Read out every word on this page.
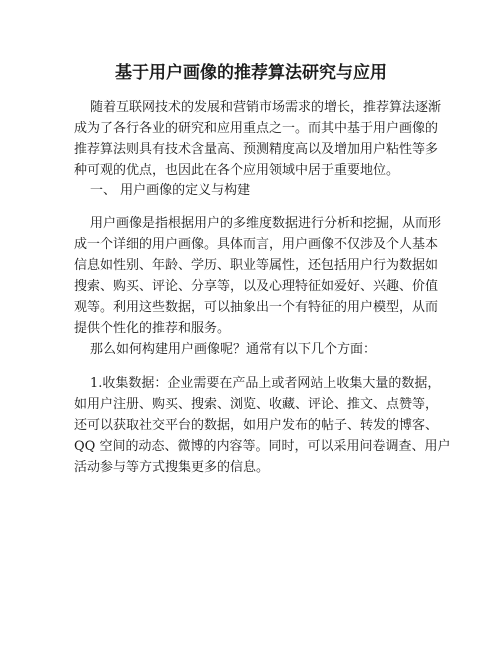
基于用户画像的推荐算法研究与应用
随着互联网技术的发展和营销市场需求的增长，推荐算法逐渐
成为了各行各业的研究和应用重点之一。而其中基于用户画像的
推荐算法则具有技术含量高、预测精度高以及增加用户粘性等多
种可观的优点，也因此在各个应用领域中居于重要地位。
一、 用户画像的定义与构建
用户画像是指根据用户的多维度数据进行分析和挖掘，从而形
成一个详细的用户画像。具体而言，用户画像不仅涉及个人基本
信息如性别、年龄、学历、职业等属性，还包括用户行为数据如
搜索、购买、评论、分享等，以及心理特征如爱好、兴趣、价值
观等。利用这些数据，可以抽象出一个有特征的用户模型，从而
提供个性化的推荐和服务。
那么如何构建用户画像呢？通常有以下几个方面：
1.收集数据：企业需要在产品上或者网站上收集大量的数据，
如用户注册、购买、搜索、浏览、收藏、评论、推文、点赞等，
还可以获取社交平台的数据，如用户发布的帖子、转发的博客、
QQ 空间的动态、微博的内容等。同时，可以采用问卷调查、用户
活动参与等方式搜集更多的信息。
